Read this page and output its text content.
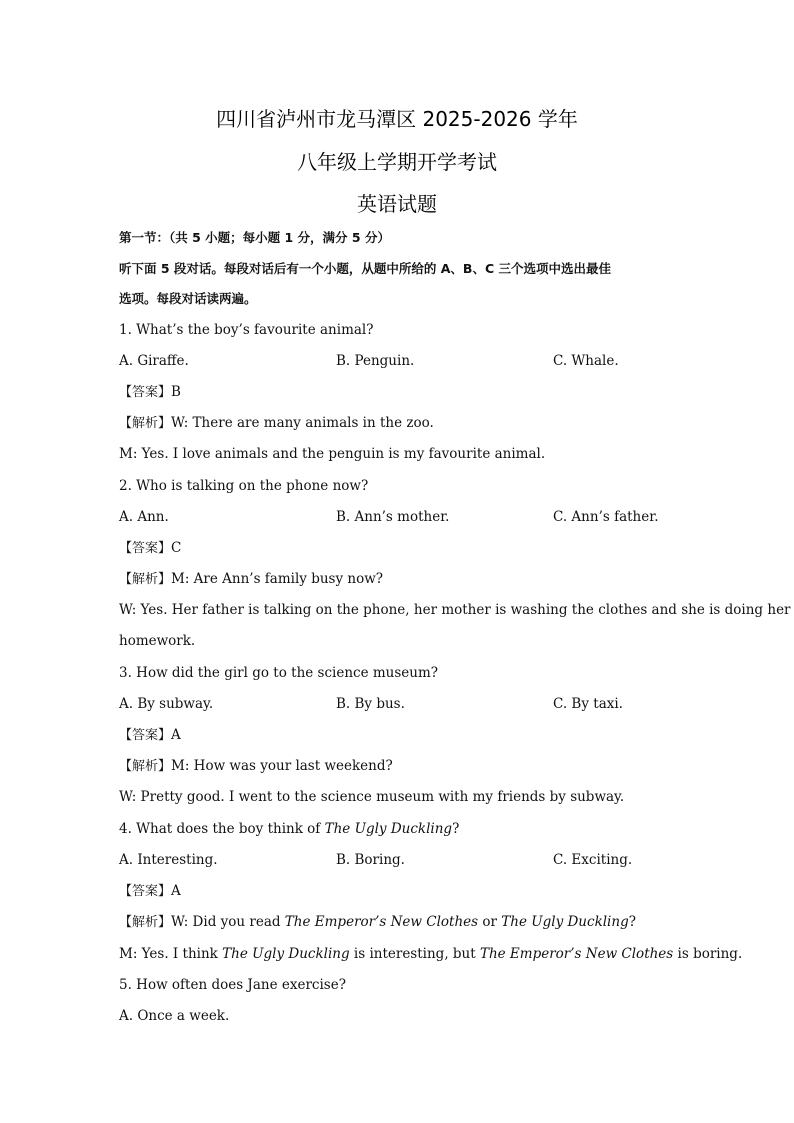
四川省泸州市龙马潭区 2025-2026 学年
八年级上学期开学考试
英语试题
第一节：（共 5 小题；每小题 1 分，满分 5 分）
听下面 5 段对话。每段对话后有一个小题，从题中所给的 A、B、C 三个选项中选出最佳
选项。每段对话读两遍。
1. What’s the boy’s favourite animal?
A. Giraffe.	B. Penguin.	C. Whale.
【答案】B
【解析】W: There are many animals in the zoo.
M: Yes. I love animals and the penguin is my favourite animal.
2. Who is talking on the phone now?
A. Ann.	B. Ann’s mother.	C. Ann’s father.
【答案】C
【解析】M: Are Ann’s family busy now?
W: Yes. Her father is talking on the phone, her mother is washing the clothes and she is doing her
homework.
3. How did the girl go to the science museum?
A. By subway.	B. By bus.	C. By taxi.
【答案】A
【解析】M: How was your last weekend?
W: Pretty good. I went to the science museum with my friends by subway.
4. What does the boy think of The Ugly Duckling?
A. Interesting.	B. Boring.	C. Exciting.
【答案】A
【解析】W: Did you read The Emperor’s New Clothes or The Ugly Duckling?
M: Yes. I think The Ugly Duckling is interesting, but The Emperor’s New Clothes is boring.
5. How often does Jane exercise?
A. Once a week.
